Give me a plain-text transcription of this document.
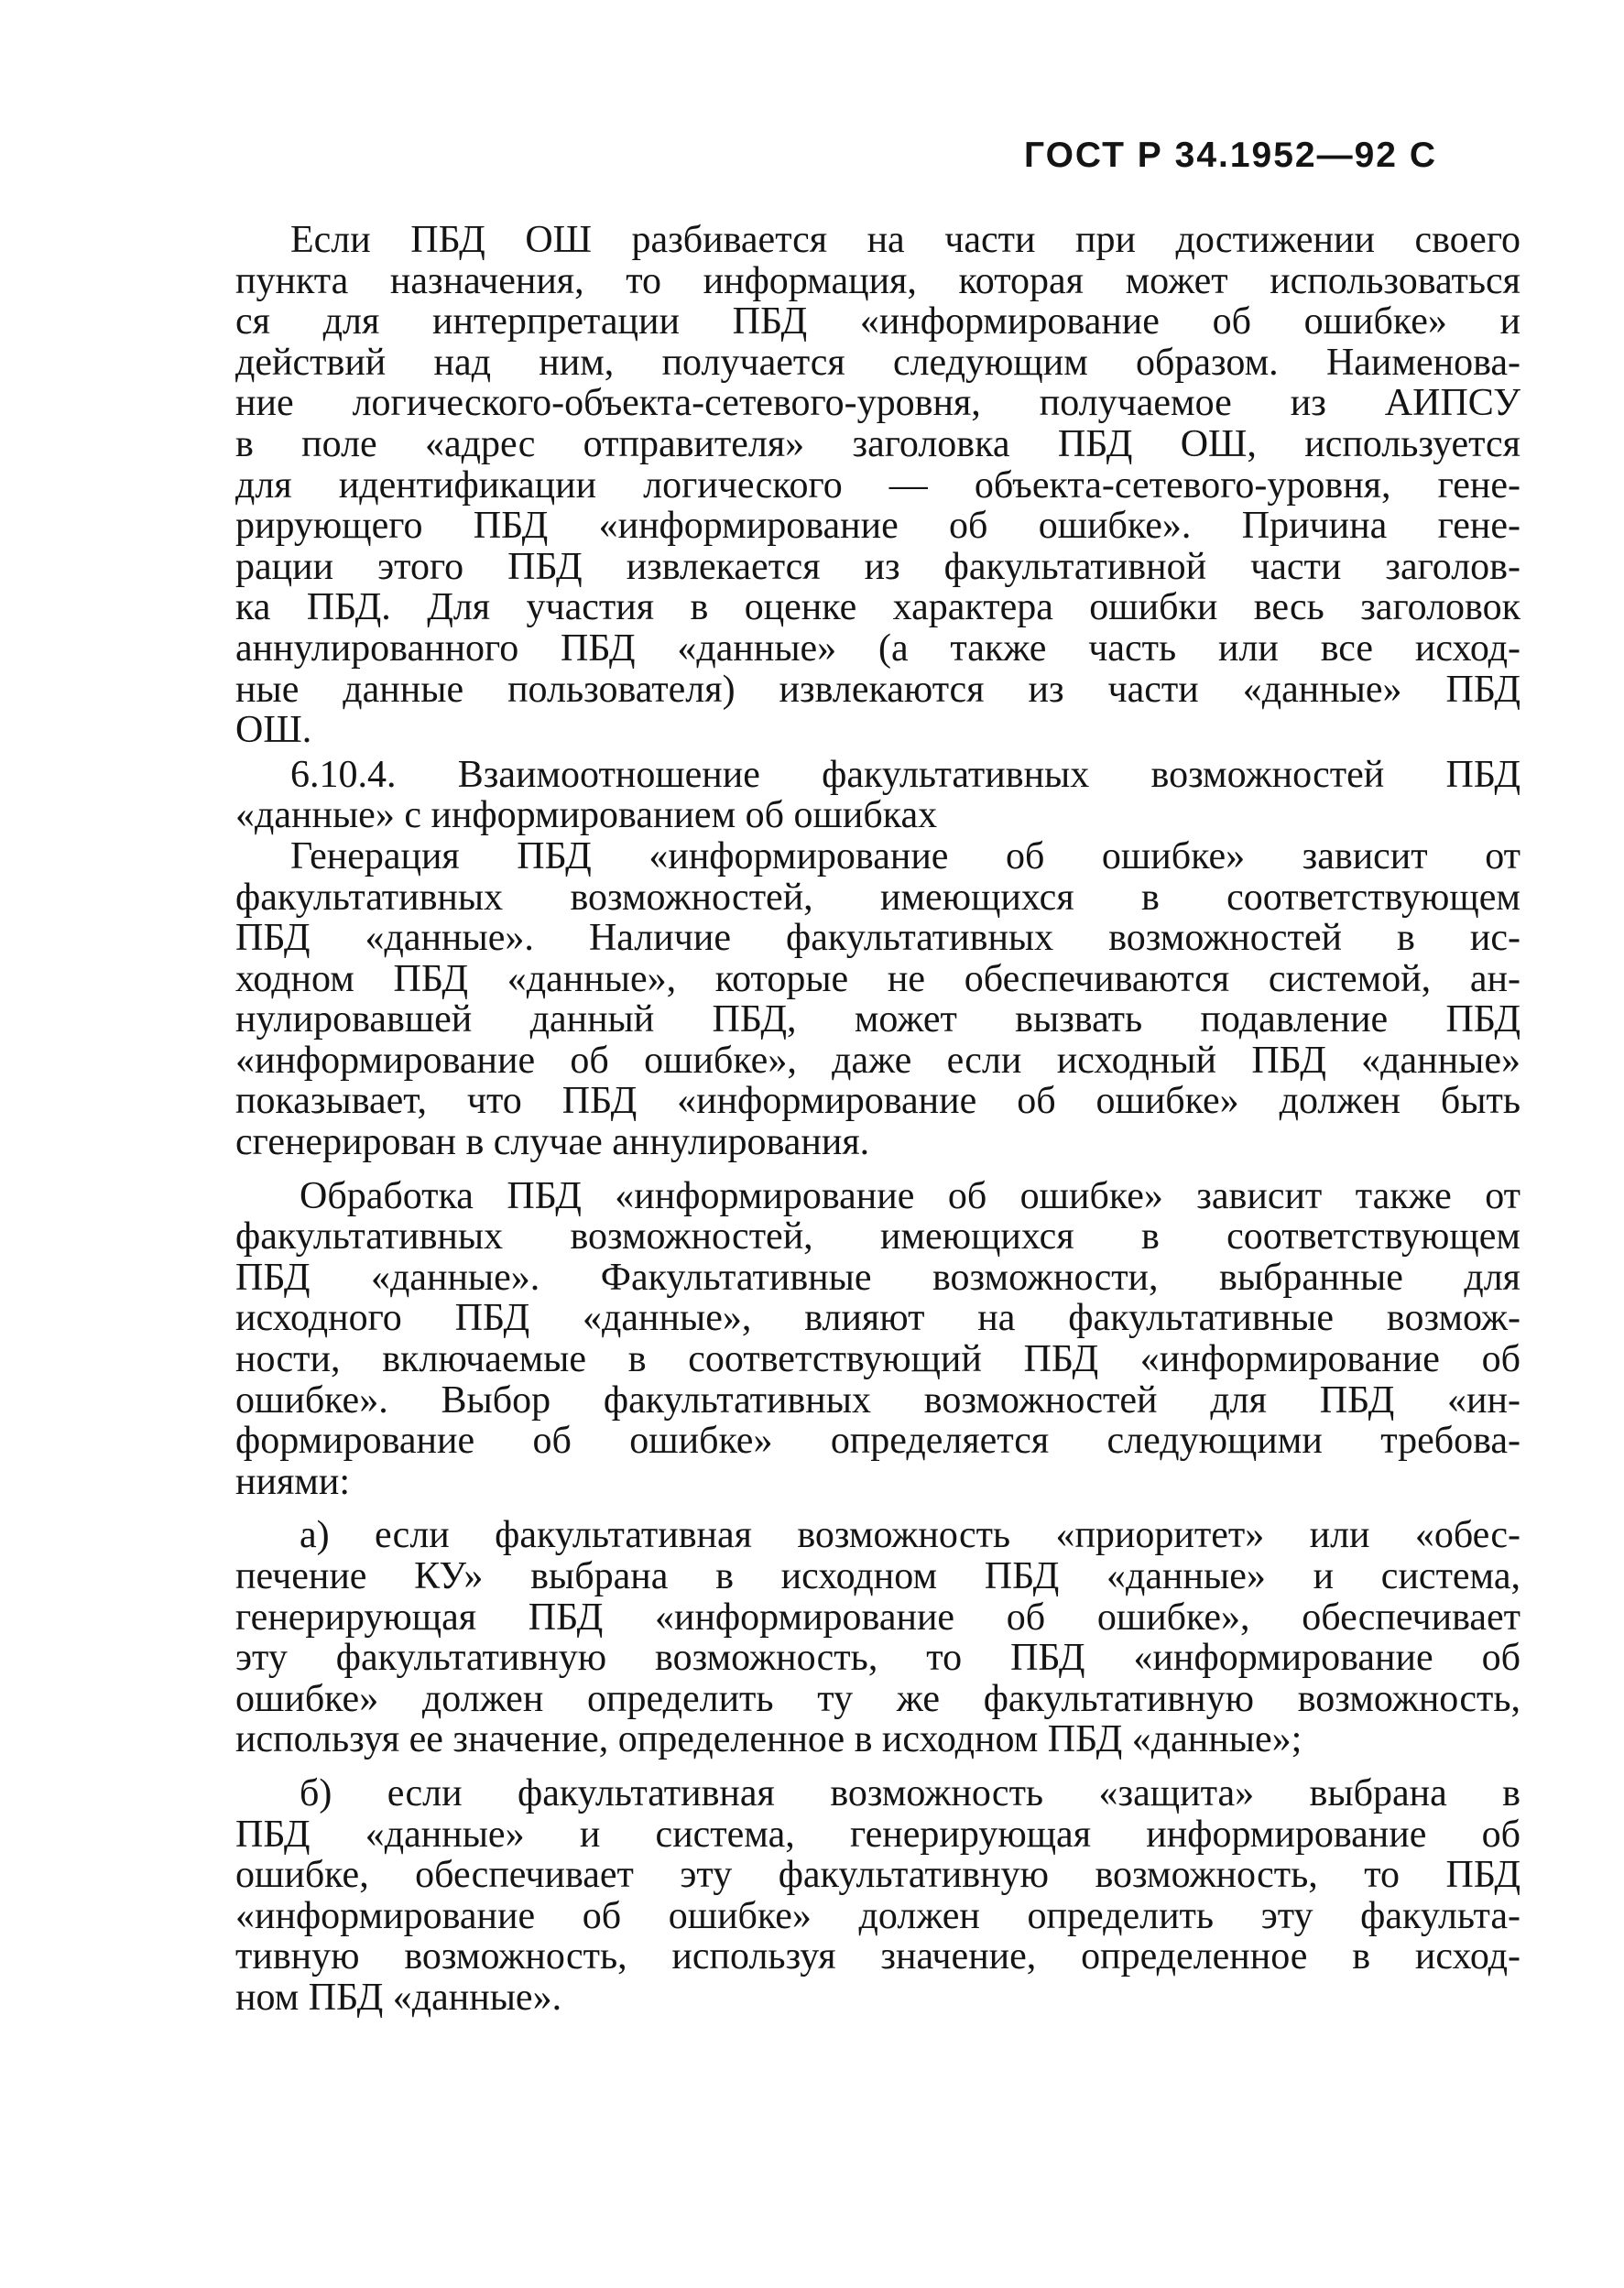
ГОСТ Р 34.1952—92 С
Если ПБД ОШ разбивается на части при достижении своего
пункта назначения, то информация, которая может использоваться
ся для интерпретации ПБД «информирование об ошибке» и
действий над ним, получается следующим образом. Наименова-
ние логического-объекта-сетевого-уровня, получаемое из АИПСУ
в поле «адрес отправителя» заголовка ПБД ОШ, используется
для идентификации логического — объекта-сетевого-уровня, гене-
рирующего ПБД «информирование об ошибке». Причина гене-
рации этого ПБД извлекается из факультативной части заголов-
ка ПБД. Для участия в оценке характера ошибки весь заголовок
аннулированного ПБД «данные» (а также часть или все исход-
ные данные пользователя) извлекаются из части «данные» ПБД
ОШ.
6.10.4. Взаимоотношение факультативных возможностей ПБД
«данные» с информированием об ошибках
Генерация ПБД «информирование об ошибке» зависит от
факультативных возможностей, имеющихся в соответствующем
ПБД «данные». Наличие факультативных возможностей в ис-
ходном ПБД «данные», которые не обеспечиваются системой, ан-
нулировавшей данный ПБД, может вызвать подавление ПБД
«информирование об ошибке», даже если исходный ПБД «данные»
показывает, что ПБД «информирование об ошибке» должен быть
сгенерирован в случае аннулирования.
Обработка ПБД «информирование об ошибке» зависит также от
факультативных возможностей, имеющихся в соответствующем
ПБД «данные». Факультативные возможности, выбранные для
исходного ПБД «данные», влияют на факультативные возмож-
ности, включаемые в соответствующий ПБД «информирование об
ошибке». Выбор факультативных возможностей для ПБД «ин-
формирование об ошибке» определяется следующими требова-
ниями:
а) если факультативная возможность «приоритет» или «обес-
печение КУ» выбрана в исходном ПБД «данные» и система,
генерирующая ПБД «информирование об ошибке», обеспечивает
эту факультативную возможность, то ПБД «информирование об
ошибке» должен определить ту же факультативную возможность,
используя ее значение, определенное в исходном ПБД «данные»;
б) если факультативная возможность «защита» выбрана в
ПБД «данные» и система, генерирующая информирование об
ошибке, обеспечивает эту факультативную возможность, то ПБД
«информирование об ошибке» должен определить эту факульта-
тивную возможность, используя значение, определенное в исход-
ном ПБД «данные».
